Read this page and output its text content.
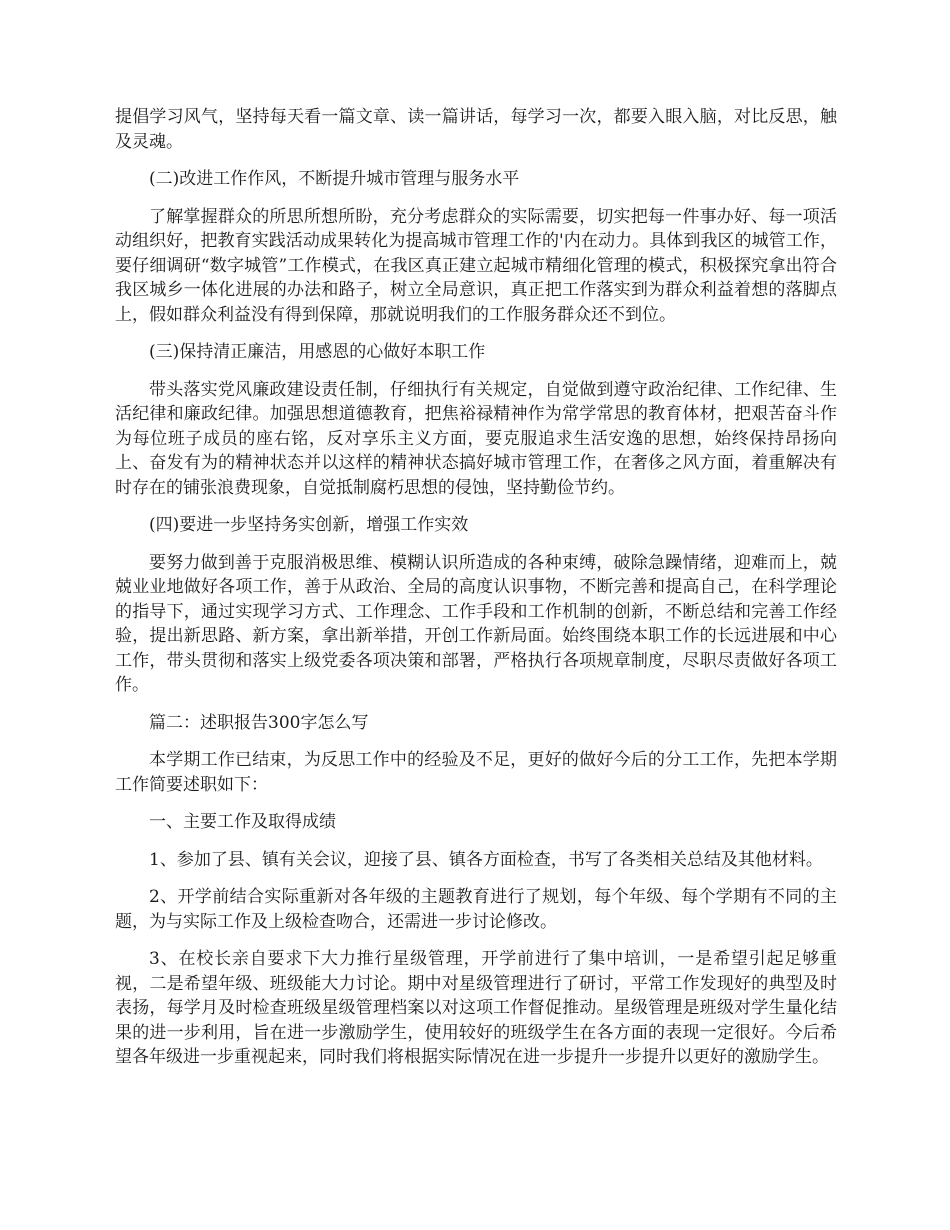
提倡学习风气，坚持每天看一篇文章、读一篇讲话，每学习一次，都要入眼入脑，对比反思，触及灵魂。

(二)改进工作作风，不断提升城市管理与服务水平

了解掌握群众的所思所想所盼，充分考虑群众的实际需要，切实把每一件事办好、每一项活动组织好，把教育实践活动成果转化为提高城市管理工作的'内在动力。具体到我区的城管工作，要仔细调研“数字城管”工作模式，在我区真正建立起城市精细化管理的模式，积极探究拿出符合我区城乡一体化进展的办法和路子，树立全局意识，真正把工作落实到为群众利益着想的落脚点上，假如群众利益没有得到保障，那就说明我们的工作服务群众还不到位。

(三)保持清正廉洁，用感恩的心做好本职工作

带头落实党风廉政建设责任制，仔细执行有关规定，自觉做到遵守政治纪律、工作纪律、生活纪律和廉政纪律。加强思想道德教育，把焦裕禄精神作为常学常思的教育体材，把艰苦奋斗作为每位班子成员的座右铭，反对享乐主义方面，要克服追求生活安逸的思想，始终保持昂扬向上、奋发有为的精神状态并以这样的精神状态搞好城市管理工作，在奢侈之风方面，着重解决有时存在的铺张浪费现象，自觉抵制腐朽思想的侵蚀，坚持勤俭节约。

(四)要进一步坚持务实创新，增强工作实效

要努力做到善于克服消极思维、模糊认识所造成的各种束缚，破除急躁情绪，迎难而上，兢兢业业地做好各项工作，善于从政治、全局的高度认识事物，不断完善和提高自己，在科学理论的指导下，通过实现学习方式、工作理念、工作手段和工作机制的创新，不断总结和完善工作经验，提出新思路、新方案，拿出新举措，开创工作新局面。始终围绕本职工作的长远进展和中心工作，带头贯彻和落实上级党委各项决策和部署，严格执行各项规章制度，尽职尽责做好各项工作。

篇二：述职报告300字怎么写

本学期工作已结束，为反思工作中的经验及不足，更好的做好今后的分工工作，先把本学期工作简要述职如下：

一、主要工作及取得成绩

1、参加了县、镇有关会议，迎接了县、镇各方面检查，书写了各类相关总结及其他材料。

2、开学前结合实际重新对各年级的主题教育进行了规划，每个年级、每个学期有不同的主题，为与实际工作及上级检查吻合，还需进一步讨论修改。

3、在校长亲自要求下大力推行星级管理，开学前进行了集中培训，一是希望引起足够重视，二是希望年级、班级能大力讨论。期中对星级管理进行了研讨，平常工作发现好的典型及时表扬，每学月及时检查班级星级管理档案以对这项工作督促推动。星级管理是班级对学生量化结果的进一步利用，旨在进一步激励学生，使用较好的班级学生在各方面的表现一定很好。今后希望各年级进一步重视起来，同时我们将根据实际情况在进一步提升一步提升以更好的激励学生。
